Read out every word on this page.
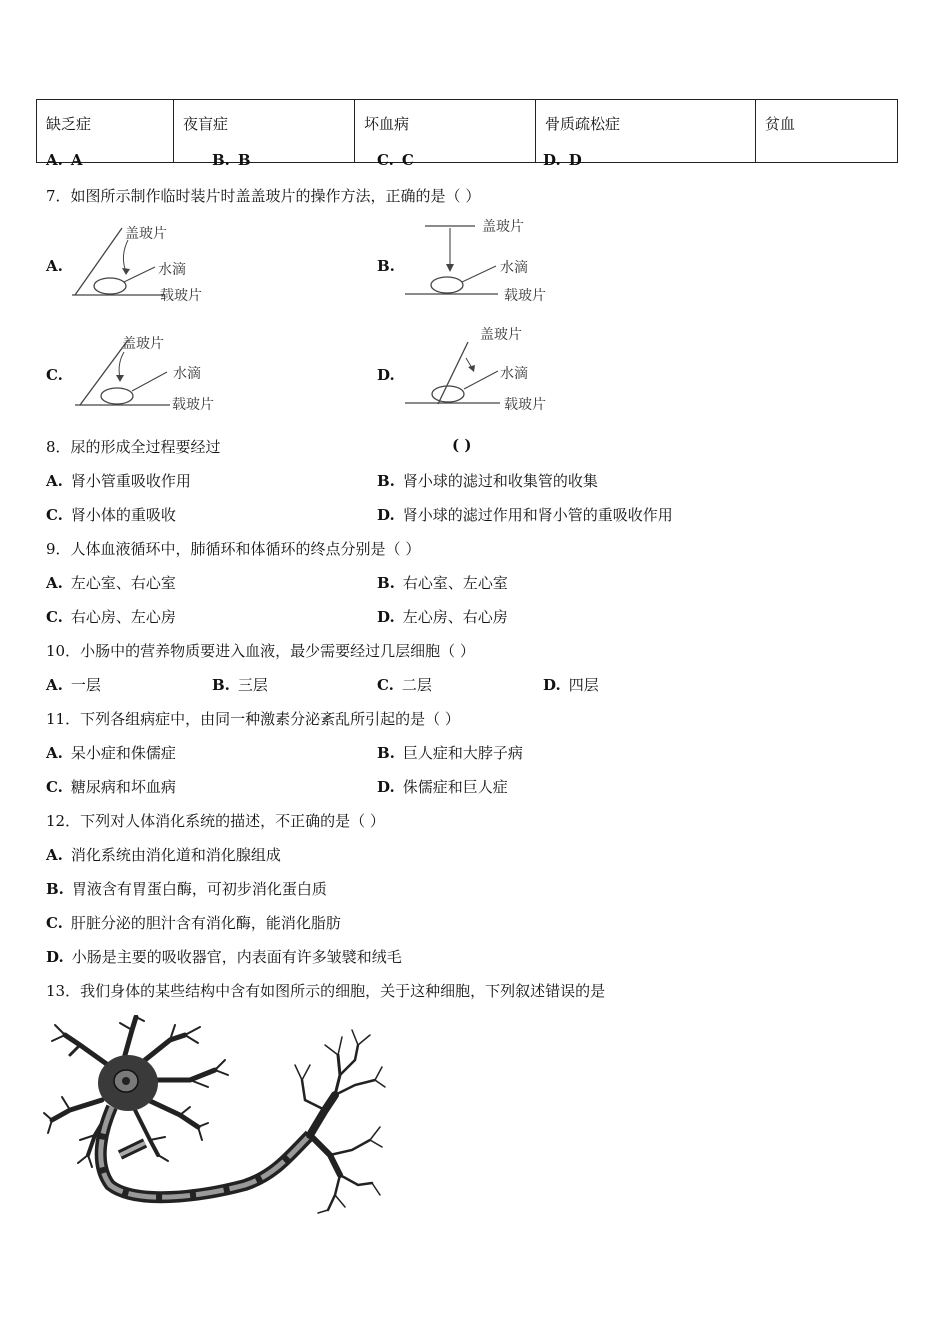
缺乏症	夜盲症	坏血病	骨质疏松症	贫血
A. A	B. B	C. C	D. D
7．如图所示制作临时装片时盖盖玻片的操作方法，正确的是（ ）
A.
盖玻片
水滴
载玻片
B.
盖玻片
水滴
载玻片
C.
盖玻片
水滴
载玻片
D.
盖玻片
水滴
载玻片
8．尿的形成全过程要经过	( )
A. 肾小管重吸收作用	B. 肾小球的滤过和收集管的收集
C. 肾小体的重吸收	D. 肾小球的滤过作用和肾小管的重吸收作用
9．人体血液循环中，肺循环和体循环的终点分别是（ ）
A. 左心室、右心室	B. 右心室、左心室
C. 右心房、左心房	D. 左心房、右心房
10．小肠中的营养物质要进入血液，最少需要经过几层细胞（ ）
A. 一层	B. 三层	C. 二层	D. 四层
11．下列各组病症中，由同一种激素分泌紊乱所引起的是（ ）
A. 呆小症和侏儒症	B. 巨人症和大脖子病
C. 糖尿病和坏血病	D. 侏儒症和巨人症
12．下列对人体消化系统的描述，不正确的是（ ）
A. 消化系统由消化道和消化腺组成
B. 胃液含有胃蛋白酶，可初步消化蛋白质
C. 肝脏分泌的胆汁含有消化酶，能消化脂肪
D. 小肠是主要的吸收器官，内表面有许多皱襞和绒毛
13．我们身体的某些结构中含有如图所示的细胞，关于这种细胞，下列叙述错误的是
